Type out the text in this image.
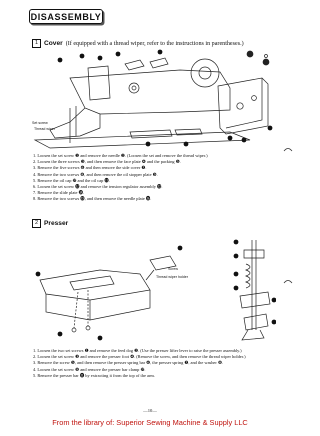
DISASSEMBLY
1 Cover (If equipped with a thread wiper, refer to the instructions in parentheses.)
Set screw
Thread wiper
1. Loosen the set screw ❶ and remove the needle ❷. (Loosen the set and remove the thread wiper.)
2. Loosen the three screws ❸, and then remove the face plate ❹ and the packing ❺.
3. Remove the five screws ❻ and then remove the side cover ❼.
4. Remove the two screws ❽, and then remove the oil stopper plate ❾.
5. Remove the oil cap ❿ and the oil cap ⓫.
6. Loosen the set screw ⓬ and remove the tension regulator assembly ⓭.
7. Remove the slide plate ⓮.
8. Remove the two screws ⓯, and then remove the needle plate ⓰.
2 Presser
Screw
Thread wiper holder
1. Loosen the two set screws ❶ and remove the feed dog ❷. (Use the presser lifter lever to raise the presser assembly.)
2. Loosen the set screw ❸ and remove the presser foot ❹. (Remove the screw, and then remove the thread wiper holder.)
3. Remove the screw ❺, and then remove the presser spring bar ❻, the presser spring ❼, and the washer ❽.
4. Loosen the set screw ❾ and remove the presser bar clamp ❿.
5. Remove the presser bar ⓫ by extracting it from the top of the arm.
—10—
From the library of: Superior Sewing Machine & Supply LLC
